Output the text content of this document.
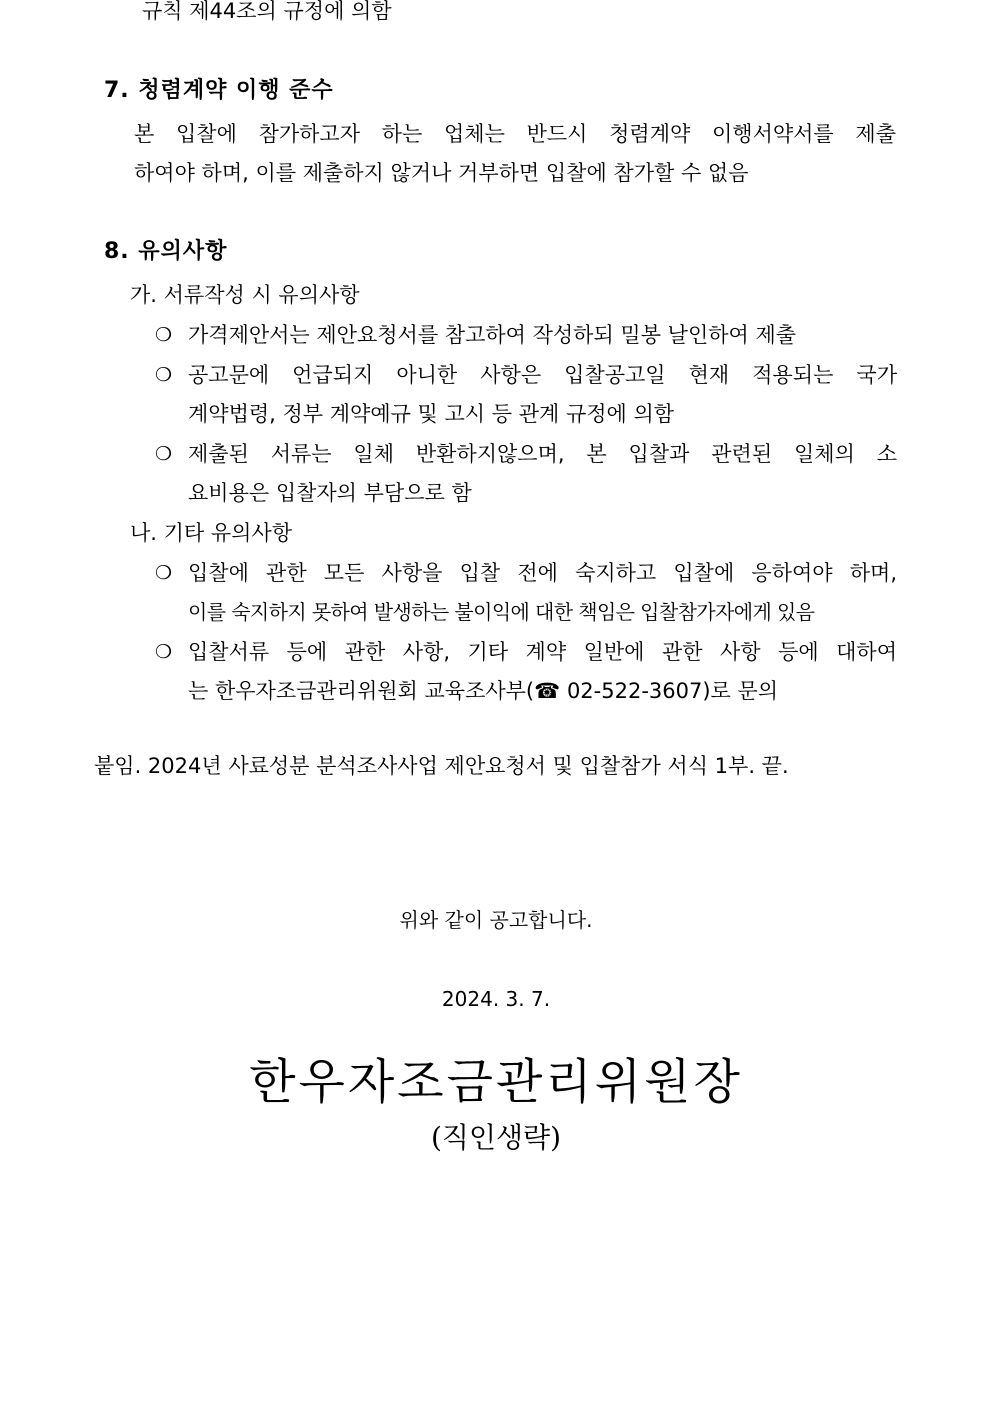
규칙 제44조의 규정에 의함
7. 청렴계약 이행 준수
본 입찰에 참가하고자 하는 업체는 반드시 청렴계약 이행서약서를 제출
하여야 하며, 이를 제출하지 않거나 거부하면 입찰에 참가할 수 없음
8. 유의사항
가. 서류작성 시 유의사항
❍ 가격제안서는 제안요청서를 참고하여 작성하되 밀봉 날인하여 제출
❍ 공고문에 언급되지 아니한 사항은 입찰공고일 현재 적용되는 국가
계약법령, 정부 계약예규 및 고시 등 관계 규정에 의함
❍ 제출된 서류는 일체 반환하지않으며, 본 입찰과 관련된 일체의 소
요비용은 입찰자의 부담으로 함
나. 기타 유의사항
❍ 입찰에 관한 모든 사항을 입찰 전에 숙지하고 입찰에 응하여야 하며,
이를 숙지하지 못하여 발생하는 불이익에 대한 책임은 입찰참가자에게 있음
❍ 입찰서류 등에 관한 사항, 기타 계약 일반에 관한 사항 등에 대하여
는 한우자조금관리위원회 교육조사부(☎ 02-522-3607)로 문의
붙임. 2024년 사료성분 분석조사사업 제안요청서 및 입찰참가 서식 1부. 끝.
위와 같이 공고합니다.
2024. 3. 7.
한우자조금관리위원장
(직인생략)
